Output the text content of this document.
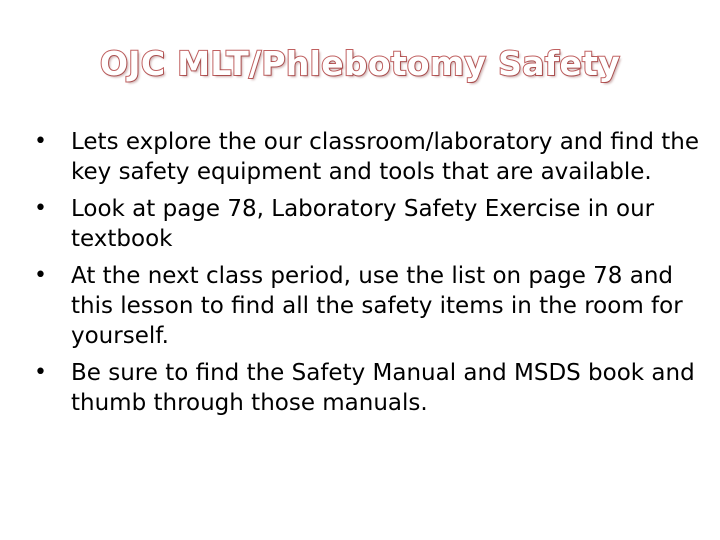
OJC MLT/Phlebotomy Safety
•	Lets explore the our classroom/laboratory and find the key safety equipment and tools that are available.
•	Look at page 78, Laboratory Safety Exercise in our textbook
•	At the next class period, use the list on page 78 and this lesson to find all the safety items in the room for yourself.
•	Be sure to find the Safety Manual and MSDS book and thumb through those manuals.
